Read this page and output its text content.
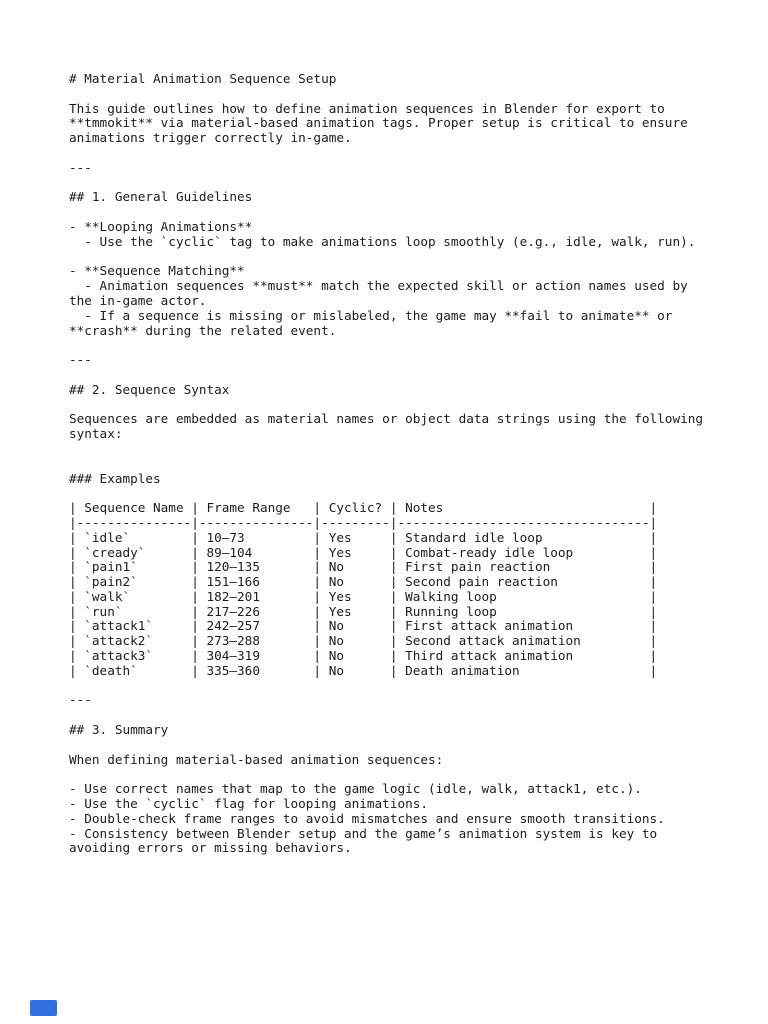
# Material Animation Sequence Setup
This guide outlines how to define animation sequences in Blender for export to
**tmmokit** via material-based animation tags. Proper setup is critical to ensure
animations trigger correctly in-game.
---
## 1. General Guidelines
- **Looping Animations**
- Use the `cyclic` tag to make animations loop smoothly (e.g., idle, walk, run).
- **Sequence Matching**
- Animation sequences **must** match the expected skill or action names used by
the in-game actor.
- If a sequence is missing or mislabeled, the game may **fail to animate** or
**crash** during the related event.
---
## 2. Sequence Syntax
Sequences are embedded as material names or object data strings using the following
syntax:
### Examples
| Sequence Name | Frame Range   | Cyclic? | Notes                           |
|---------------|---------------|---------|---------------------------------|
| `idle`        | 10–73         | Yes     | Standard idle loop              |
| `cready`      | 89–104        | Yes     | Combat-ready idle loop          |
| `pain1`       | 120–135       | No      | First pain reaction             |
| `pain2`       | 151–166       | No      | Second pain reaction            |
| `walk`        | 182–201       | Yes     | Walking loop                    |
| `run`         | 217–226       | Yes     | Running loop                    |
| `attack1`     | 242–257       | No      | First attack animation          |
| `attack2`     | 273–288       | No      | Second attack animation         |
| `attack3`     | 304–319       | No      | Third attack animation          |
| `death`       | 335–360       | No      | Death animation                 |
---
## 3. Summary
When defining material-based animation sequences:
- Use correct names that map to the game logic (idle, walk, attack1, etc.).
- Use the `cyclic` flag for looping animations.
- Double-check frame ranges to avoid mismatches and ensure smooth transitions.
- Consistency between Blender setup and the game’s animation system is key to
avoiding errors or missing behaviors.
